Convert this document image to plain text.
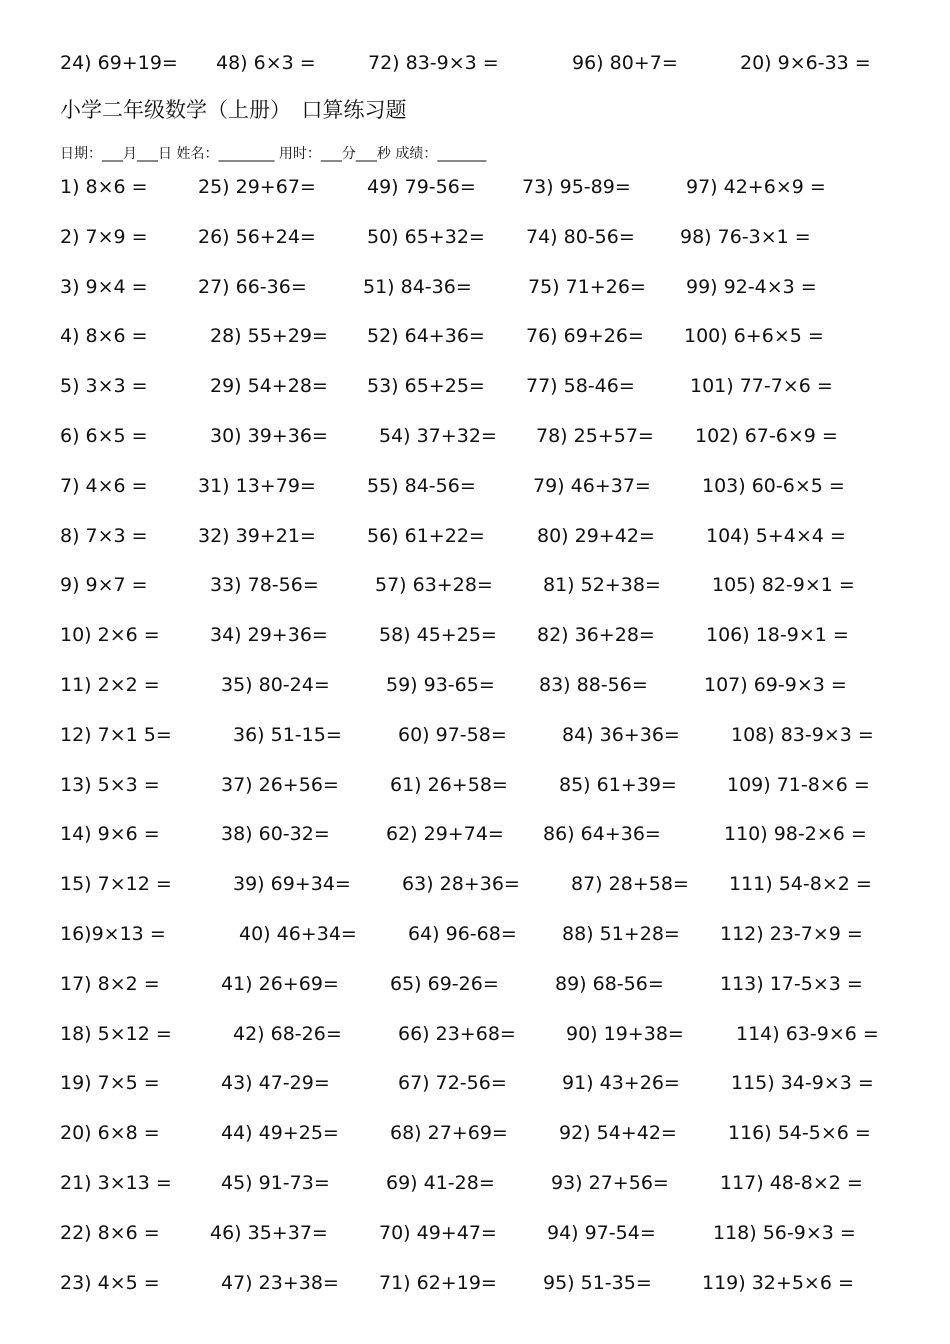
24) 69+19= 48) 6×3 =	72) 83-9×3 =	96) 80+7=	20) 9×6-33 =
小学二年级数学（上册）　口算练习题
日期：___月___日 姓名：________ 用时：___分___秒 成绩：_______
1) 8×6 =	25) 29+67=	49) 79-56= 73) 95-89=	97) 42+6×9 =
2) 7×9 =	26) 56+24=	50) 65+32= 74) 80-56= 98) 76-3×1 =
3) 9×4 =	27) 66-36=	51) 84-36=	75) 71+26= 99) 92-4×3 =
4) 8×6 =	28) 55+29= 52) 64+36= 76) 69+26= 100) 6+6×5 =
5) 3×3 =	29) 54+28= 53) 65+25= 77) 58-46=	101) 77-7×6 =
6) 6×5 =	30) 39+36=	54) 37+32= 78) 25+57= 102) 67-6×9 =
7) 4×6 =	31) 13+79=	55) 84-56=	79) 46+37=	103) 60-6×5 =
8) 7×3 =	32) 39+21=	56) 61+22=	80) 29+42=	104) 5+4×4 =
9) 9×7 =	33) 78-56=	57) 63+28=	81) 52+38=	105) 82-9×1 =
10) 2×6 =	34) 29+36=	58) 45+25= 82) 36+28=	106) 18-9×1 =
11) 2×2 =	35) 80-24=	59) 93-65= 83) 88-56=	107) 69-9×3 =
12) 7×1 5=	36) 51-15=	60) 97-58=	84) 36+36=	108) 83-9×3 =
13) 5×3 =	37) 26+56=	61) 26+58=	85) 61+39=	109) 71-8×6 =
14) 9×6 =	38) 60-32=	62) 29+74= 86) 64+36=	110) 98-2×6 =
15) 7×12 =	39) 69+34=	63) 28+36=	87) 28+58= 111) 54-8×2 =
16)9×13 =	40) 46+34=	64) 96-68= 88) 51+28= 112) 23-7×9 =
17) 8×2 =	41) 26+69=	65) 69-26=	89) 68-56=	113) 17-5×3 =
18) 5×12 =	42) 68-26=	66) 23+68=	90) 19+38=	114) 63-9×6 =
19) 7×5 =	43) 47-29=	67) 72-56=	91) 43+26=	115) 34-9×3 =
20) 6×8 =	44) 49+25=	68) 27+69=	92) 54+42=	116) 54-5×6 =
21) 3×13 =	45) 91-73=	69) 41-28=	93) 27+56=	117) 48-8×2 =
22) 8×6 =	46) 35+37=	70) 49+47=	94) 97-54=	118) 56-9×3 =
23) 4×5 =	47) 23+38= 71) 62+19= 95) 51-35=	119) 32+5×6 =
